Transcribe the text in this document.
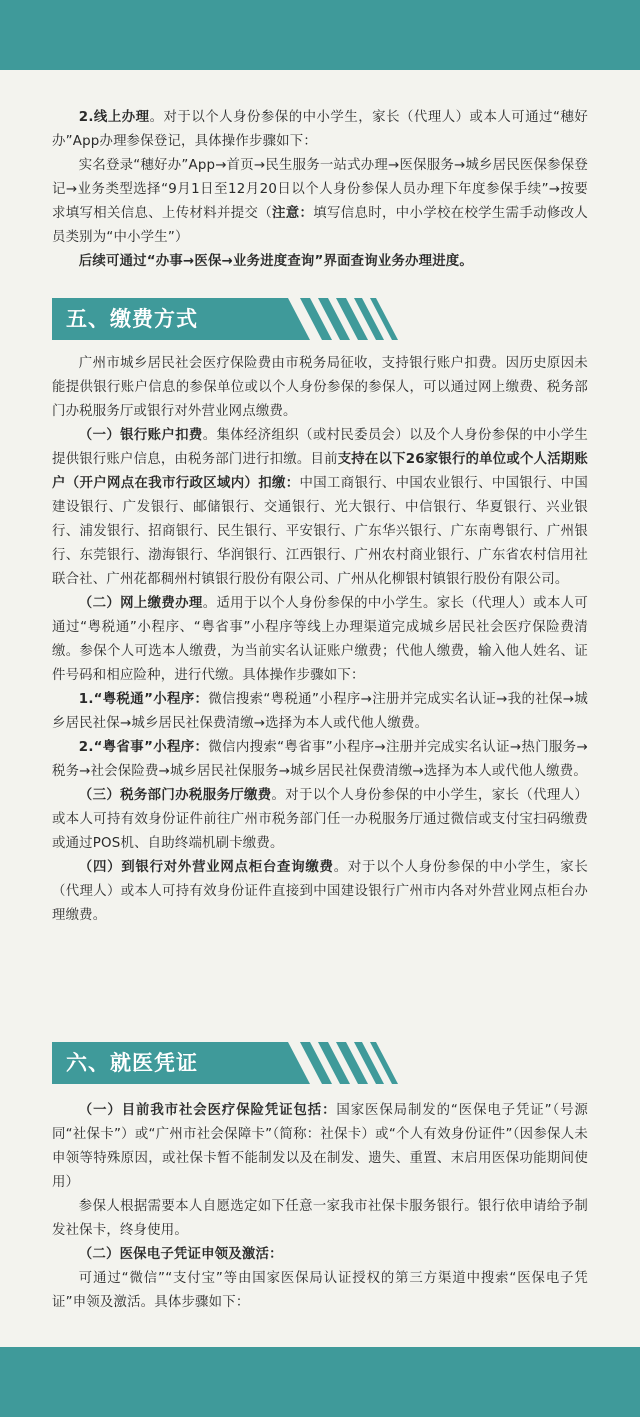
2.线上办理。对于以个人身份参保的中小学生，家长（代理人）或本人可通过“穗好办”App办理参保登记，具体操作步骤如下：

实名登录“穗好办”App→首页→民生服务一站式办理→医保服务→城乡居民医保参保登记→业务类型选择“9月1日至12月20日以个人身份参保人员办理下年度参保手续”→按要求填写相关信息、上传材料并提交（注意：填写信息时，中小学校在校学生需手动修改人员类别为“中小学生”）

后续可通过“办事→医保→业务进度查询”界面查询业务办理进度。

五、缴费方式

广州市城乡居民社会医疗保险费由市税务局征收，支持银行账户扣费。因历史原因未能提供银行账户信息的参保单位或以个人身份参保的参保人，可以通过网上缴费、税务部门办税服务厅或银行对外营业网点缴费。

（一）银行账户扣费。集体经济组织（或村民委员会）以及个人身份参保的中小学生提供银行账户信息，由税务部门进行扣缴。目前支持在以下26家银行的单位或个人活期账户（开户网点在我市行政区域内）扣缴：中国工商银行、中国农业银行、中国银行、中国建设银行、广发银行、邮储银行、交通银行、光大银行、中信银行、华夏银行、兴业银行、浦发银行、招商银行、民生银行、平安银行、广东华兴银行、广东南粤银行、广州银行、东莞银行、渤海银行、华润银行、江西银行、广州农村商业银行、广东省农村信用社联合社、广州花都稠州村镇银行股份有限公司、广州从化柳银村镇银行股份有限公司。

（二）网上缴费办理。适用于以个人身份参保的中小学生。家长（代理人）或本人可通过“粤税通”小程序、“粤省事”小程序等线上办理渠道完成城乡居民社会医疗保险费清缴。参保个人可选本人缴费，为当前实名认证账户缴费；代他人缴费，输入他人姓名、证件号码和相应险种，进行代缴。具体操作步骤如下：

1.“粤税通”小程序：微信搜索“粤税通”小程序→注册并完成实名认证→我的社保→城乡居民社保→城乡居民社保费清缴→选择为本人或代他人缴费。

2.“粤省事”小程序：微信内搜索“粤省事”小程序→注册并完成实名认证→热门服务→税务→社会保险费→城乡居民社保服务→城乡居民社保费清缴→选择为本人或代他人缴费。

（三）税务部门办税服务厅缴费。对于以个人身份参保的中小学生，家长（代理人）或本人可持有效身份证件前往广州市税务部门任一办税服务厅通过微信或支付宝扫码缴费或通过POS机、自助终端机刷卡缴费。

（四）到银行对外营业网点柜台查询缴费。对于以个人身份参保的中小学生，家长（代理人）或本人可持有效身份证件直接到中国建设银行广州市内各对外营业网点柜台办理缴费。

六、就医凭证

（一）目前我市社会医疗保险凭证包括：国家医保局制发的“医保电子凭证”（号源同“社保卡”）或“广州市社会保障卡”（简称：社保卡）或“个人有效身份证件”（因参保人未申领等特殊原因，或社保卡暂不能制发以及在制发、遗失、重置、末启用医保功能期间使用）

参保人根据需要本人自愿选定如下任意一家我市社保卡服务银行。银行依申请给予制发社保卡，终身使用。

（二）医保电子凭证申领及激活：

可通过“微信”“支付宝”等由国家医保局认证授权的第三方渠道中搜索“医保电子凭证”申领及激活。具体步骤如下：
